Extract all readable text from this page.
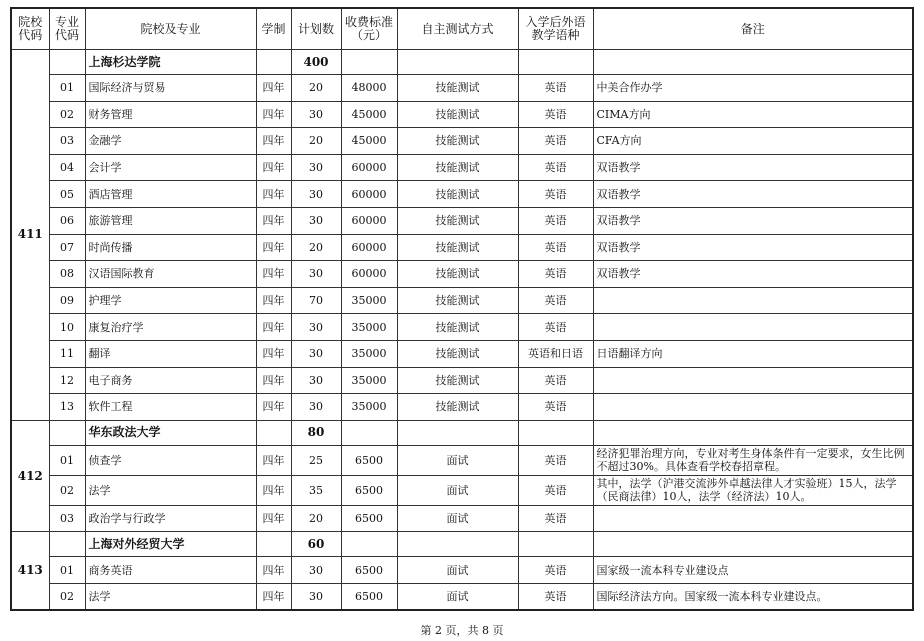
院校代码	专业代码	院校及专业	学制	计划数	收费标准（元）	自主测试方式	入学后外语教学语种	备注
411		上海杉达学院		400				
	01	国际经济与贸易	四年	20	48000	技能测试	英语	中美合作办学
	02	财务管理	四年	30	45000	技能测试	英语	CIMA方向
	03	金融学	四年	20	45000	技能测试	英语	CFA方向
	04	会计学	四年	30	60000	技能测试	英语	双语教学
	05	酒店管理	四年	30	60000	技能测试	英语	双语教学
	06	旅游管理	四年	30	60000	技能测试	英语	双语教学
	07	时尚传播	四年	20	60000	技能测试	英语	双语教学
	08	汉语国际教育	四年	30	60000	技能测试	英语	双语教学
	09	护理学	四年	70	35000	技能测试	英语	
	10	康复治疗学	四年	30	35000	技能测试	英语	
	11	翻译	四年	30	35000	技能测试	英语和日语	日语翻译方向
	12	电子商务	四年	30	35000	技能测试	英语	
	13	软件工程	四年	30	35000	技能测试	英语	
412		华东政法大学		80				
	01	侦查学	四年	25	6500	面试	英语	经济犯罪治理方向，专业对考生身体条件有一定要求，女生比例不超过30%。具体查看学校春招章程。
	02	法学	四年	35	6500	面试	英语	其中，法学（沪港交流涉外卓越法律人才实验班）15人，法学（民商法律）10人，法学（经济法）10人。
	03	政治学与行政学	四年	20	6500	面试	英语	
413		上海对外经贸大学		60				
	01	商务英语	四年	30	6500	面试	英语	国家级一流本科专业建设点
	02	法学	四年	30	6500	面试	英语	国际经济法方向。国家级一流本科专业建设点。
第 2 页，共 8 页
